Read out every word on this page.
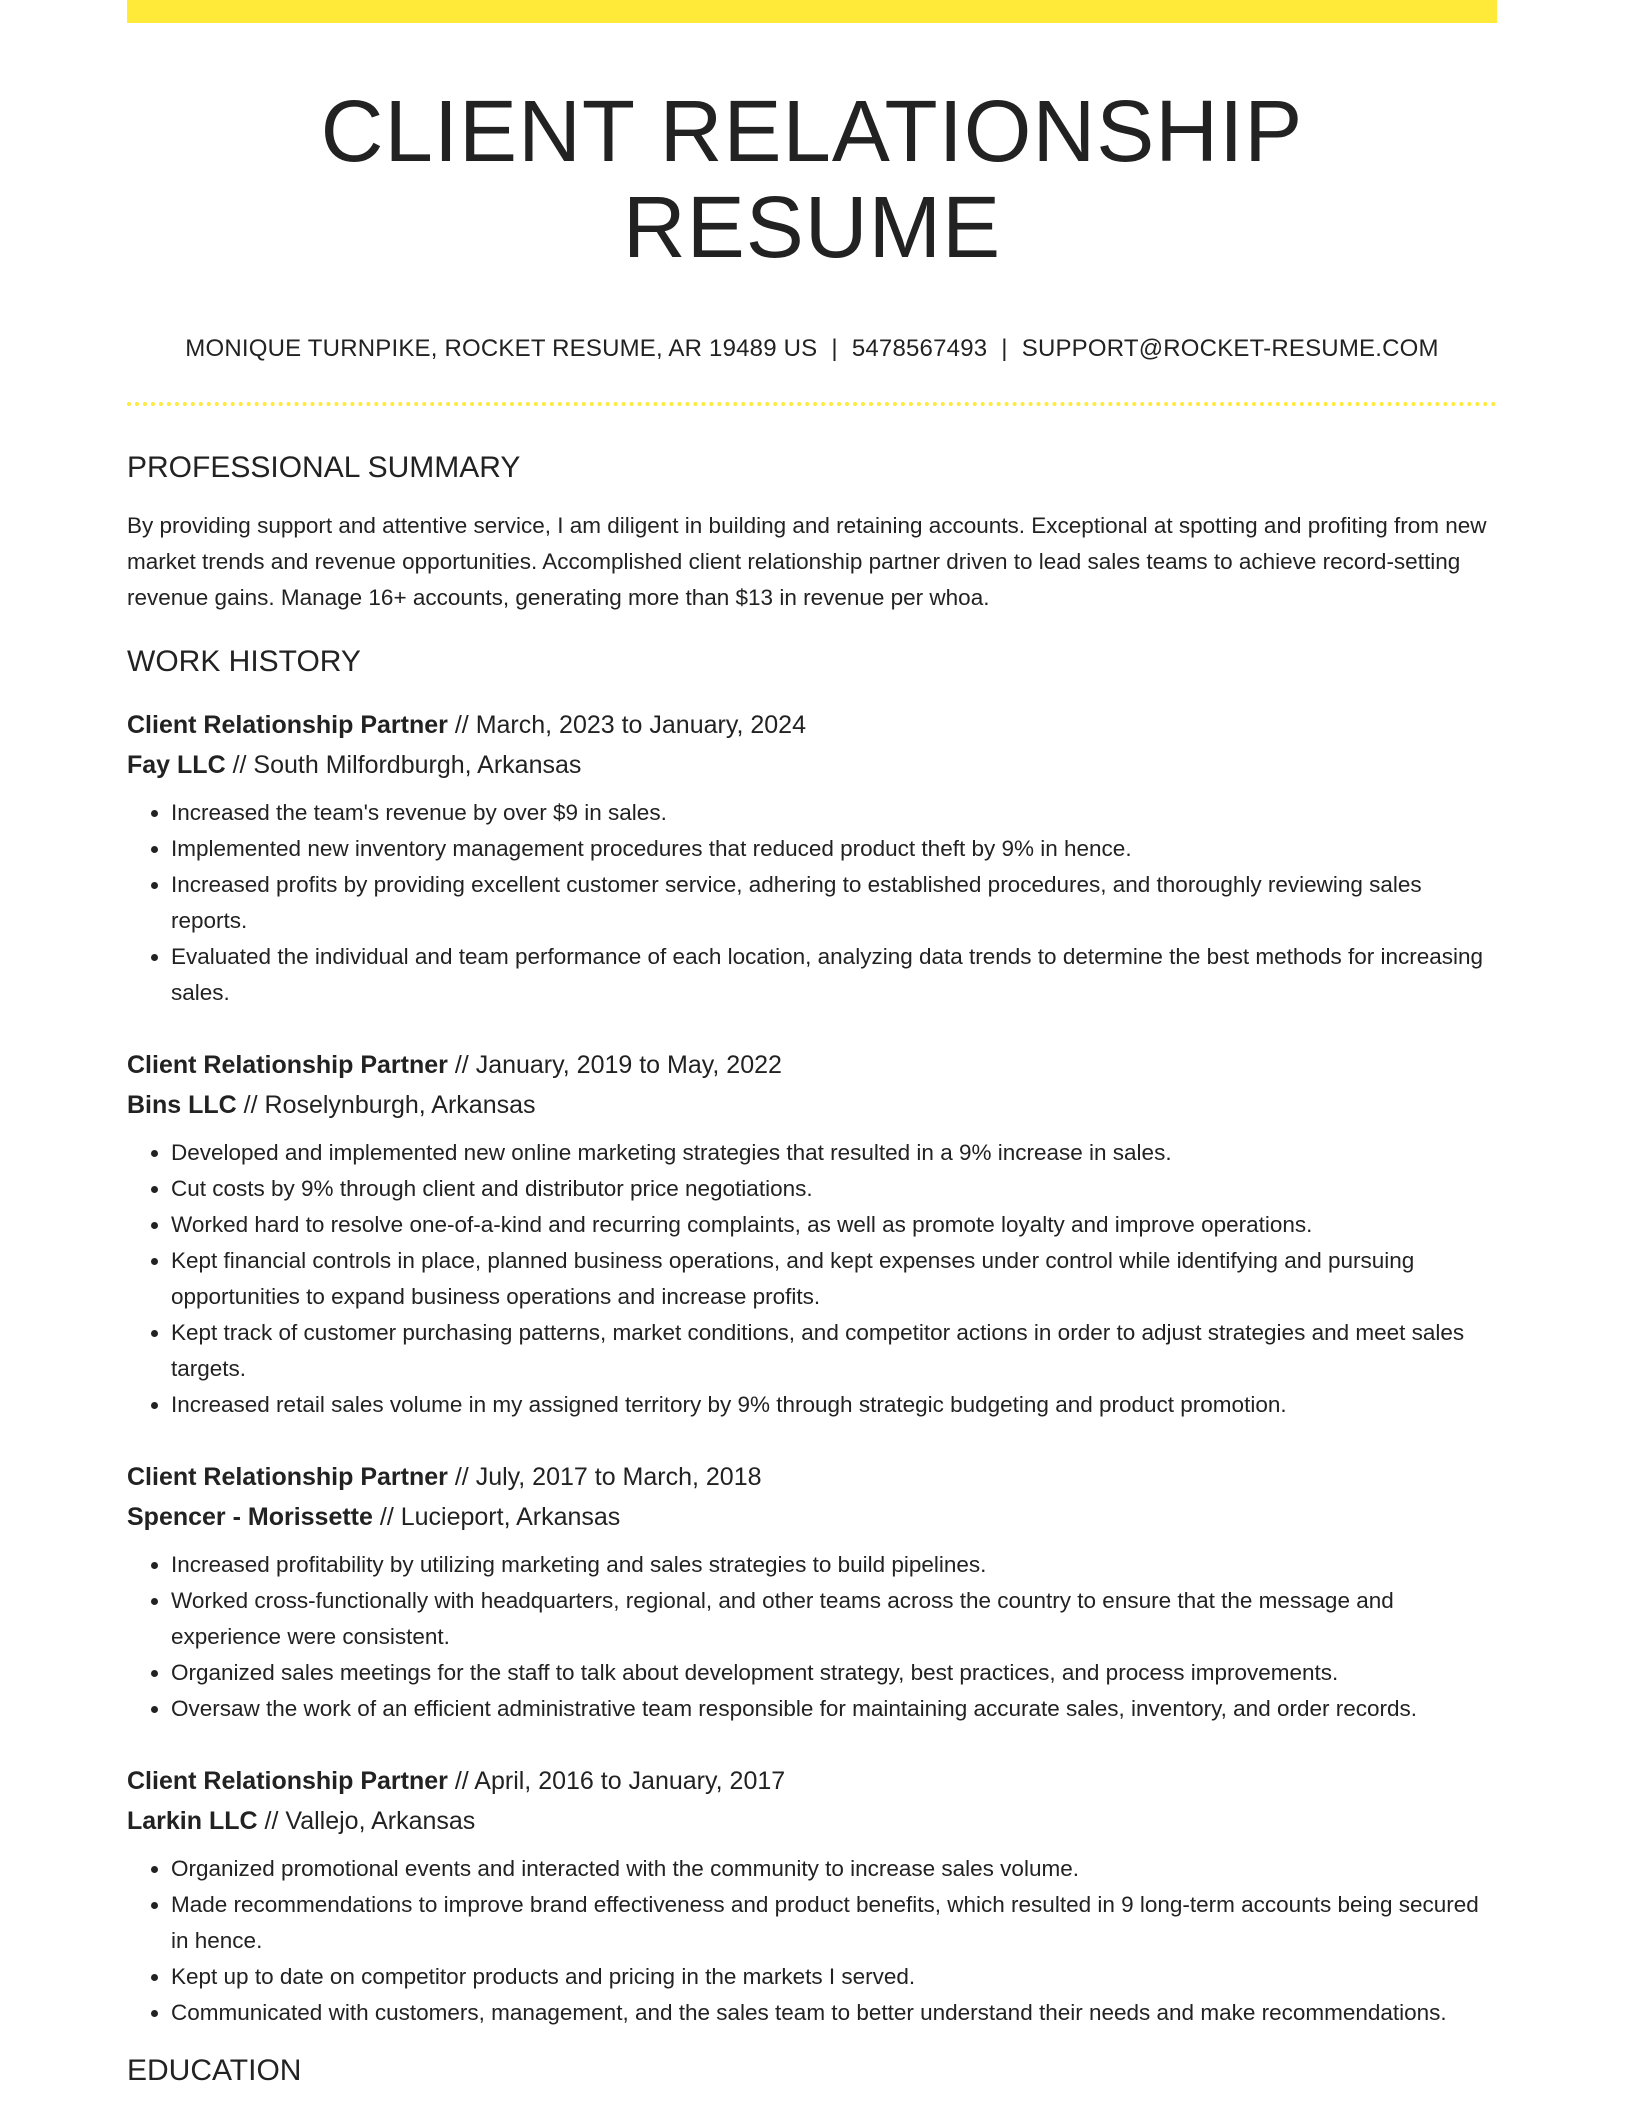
CLIENT RELATIONSHIP RESUME
MONIQUE TURNPIKE, ROCKET RESUME, AR 19489 US | 5478567493 | SUPPORT@ROCKET-RESUME.COM
PROFESSIONAL SUMMARY

By providing support and attentive service, I am diligent in building and retaining accounts. Exceptional at spotting and profiting from new market trends and revenue opportunities. Accomplished client relationship partner driven to lead sales teams to achieve record-setting revenue gains. Manage 16+ accounts, generating more than $13 in revenue per whoa.

WORK HISTORY
Client Relationship Partner // March, 2023 to January, 2024
Fay LLC // South Milfordburgh, Arkansas
• Increased the team's revenue by over $9 in sales.
• Implemented new inventory management procedures that reduced product theft by 9% in hence.
• Increased profits by providing excellent customer service, adhering to established procedures, and thoroughly reviewing sales reports.
• Evaluated the individual and team performance of each location, analyzing data trends to determine the best methods for increasing sales.
Client Relationship Partner // January, 2019 to May, 2022
Bins LLC // Roselynburgh, Arkansas
• Developed and implemented new online marketing strategies that resulted in a 9% increase in sales.
• Cut costs by 9% through client and distributor price negotiations.
• Worked hard to resolve one-of-a-kind and recurring complaints, as well as promote loyalty and improve operations.
• Kept financial controls in place, planned business operations, and kept expenses under control while identifying and pursuing opportunities to expand business operations and increase profits.
• Kept track of customer purchasing patterns, market conditions, and competitor actions in order to adjust strategies and meet sales targets.
• Increased retail sales volume in my assigned territory by 9% through strategic budgeting and product promotion.
Client Relationship Partner // July, 2017 to March, 2018
Spencer - Morissette // Lucieport, Arkansas
• Increased profitability by utilizing marketing and sales strategies to build pipelines.
• Worked cross-functionally with headquarters, regional, and other teams across the country to ensure that the message and experience were consistent.
• Organized sales meetings for the staff to talk about development strategy, best practices, and process improvements.
• Oversaw the work of an efficient administrative team responsible for maintaining accurate sales, inventory, and order records.
Client Relationship Partner // April, 2016 to January, 2017
Larkin LLC // Vallejo, Arkansas
• Organized promotional events and interacted with the community to increase sales volume.
• Made recommendations to improve brand effectiveness and product benefits, which resulted in 9 long-term accounts being secured in hence.
• Kept up to date on competitor products and pricing in the markets I served.
• Communicated with customers, management, and the sales team to better understand their needs and make recommendations.
EDUCATION
